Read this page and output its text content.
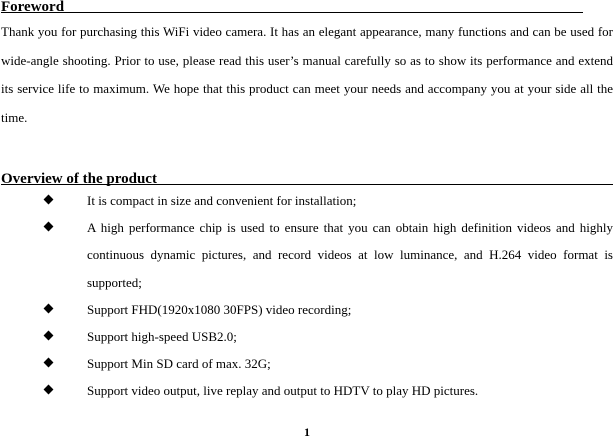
Foreword

Thank you for purchasing this WiFi video camera. It has an elegant appearance, many functions and can be used for wide-angle shooting. Prior to use, please read this user’s manual carefully so as to show its performance and extend its service life to maximum. We hope that this product can meet your needs and accompany you at your side all the time.

Overview of the product
It is compact in size and convenient for installation;
A high performance chip is used to ensure that you can obtain high definition videos and highly continuous dynamic pictures, and record videos at low luminance, and H.264 video format is supported;
Support FHD(1920x1080 30FPS) video recording;
Support high-speed USB2.0;
Support Min SD card of max. 32G;
Support video output, live replay and output to HDTV to play HD pictures.
1
